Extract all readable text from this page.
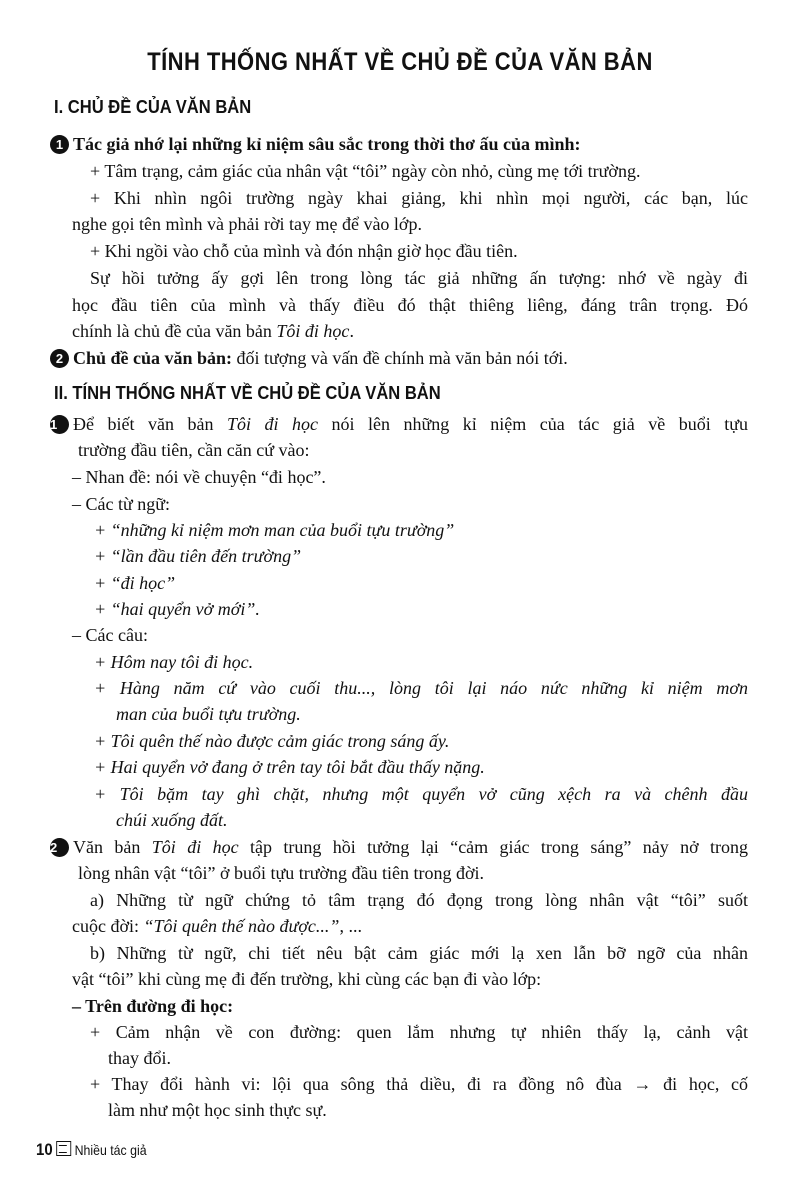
TÍNH THỐNG NHẤT VỀ CHỦ ĐỀ CỦA VĂN BẢN
I. CHỦ ĐỀ CỦA VĂN BẢN
1 Tác giả nhớ lại những kỉ niệm sâu sắc trong thời thơ ấu của mình:
+ Tâm trạng, cảm giác của nhân vật “tôi” ngày còn nhỏ, cùng mẹ tới trường.
+ Khi nhìn ngôi trường ngày khai giảng, khi nhìn mọi người, các bạn, lúc
nghe gọi tên mình và phải rời tay mẹ để vào lớp.
+ Khi ngồi vào chỗ của mình và đón nhận giờ học đầu tiên.
Sự hồi tưởng ấy gợi lên trong lòng tác giả những ấn tượng: nhớ về ngày đi
học đầu tiên của mình và thấy điều đó thật thiêng liêng, đáng trân trọng. Đó
chính là chủ đề của văn bản Tôi đi học.
2 Chủ đề của văn bản: đối tượng và vấn đề chính mà văn bản nói tới.
II. TÍNH THỐNG NHẤT VỀ CHỦ ĐỀ CỦA VĂN BẢN
1 Để biết văn bản Tôi đi học nói lên những kỉ niệm của tác giả về buổi tựu
trường đầu tiên, cần căn cứ vào:
– Nhan đề: nói về chuyện “đi học”.
– Các từ ngữ:
+ “những kỉ niệm mơn man của buổi tựu trường”
+ “lần đầu tiên đến trường”
+ “đi học”
+ “hai quyển vở mới”.
– Các câu:
+ Hôm nay tôi đi học.
+ Hàng năm cứ vào cuối thu..., lòng tôi lại náo nức những kỉ niệm mơn
man của buổi tựu trường.
+ Tôi quên thế nào được cảm giác trong sáng ấy.
+ Hai quyển vở đang ở trên tay tôi bắt đầu thấy nặng.
+ Tôi bặm tay ghì chặt, nhưng một quyển vở cũng xệch ra và chênh đầu
chúi xuống đất.
2 Văn bản Tôi đi học tập trung hồi tưởng lại “cảm giác trong sáng” nảy nở trong
lòng nhân vật “tôi” ở buổi tựu trường đầu tiên trong đời.
a) Những từ ngữ chứng tỏ tâm trạng đó đọng trong lòng nhân vật “tôi” suốt
cuộc đời: “Tôi quên thế nào được...”, ...
b) Những từ ngữ, chi tiết nêu bật cảm giác mới lạ xen lẫn bỡ ngỡ của nhân
vật “tôi” khi cùng mẹ đi đến trường, khi cùng các bạn đi vào lớp:
– Trên đường đi học:
+ Cảm nhận về con đường: quen lắm nhưng tự nhiên thấy lạ, cảnh vật
thay đổi.
+ Thay đổi hành vi: lội qua sông thả diều, đi ra đồng nô đùa → đi học, cố
làm như một học sinh thực sự.
10 Nhiều tác giả
